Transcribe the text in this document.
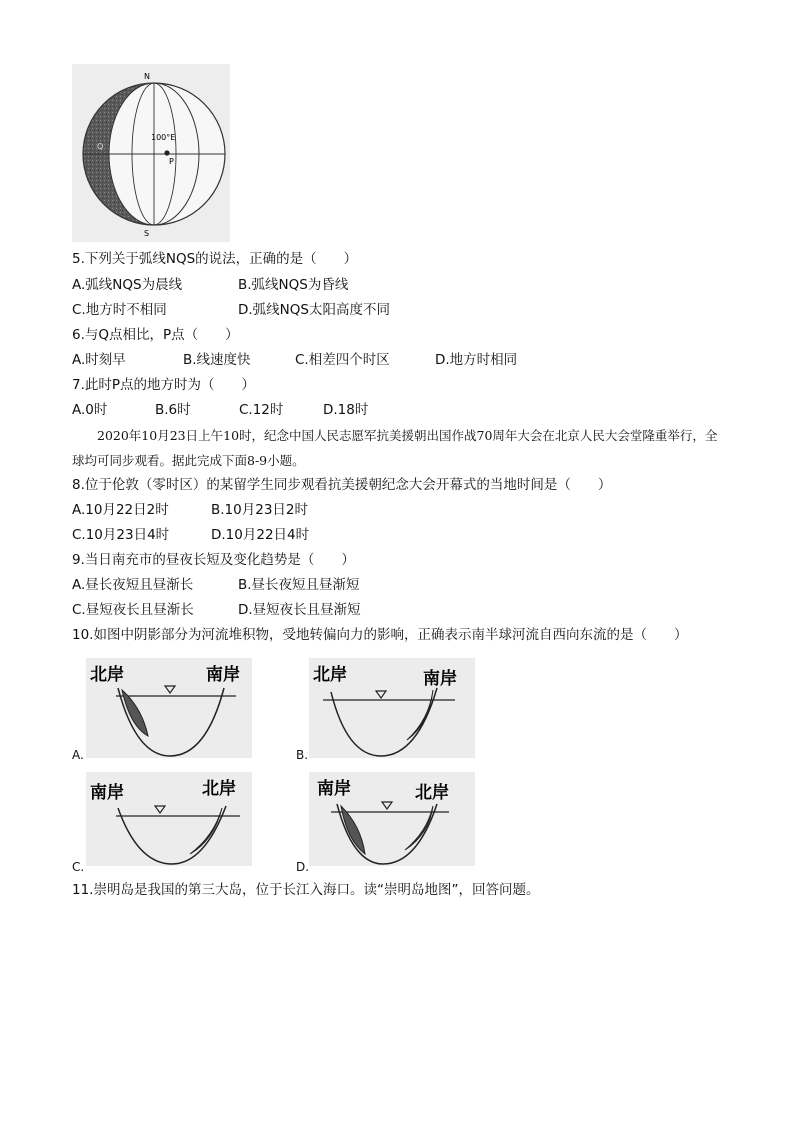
N
S
100°E
Q
P
5.下列关于弧线NQS的说法，正确的是（　　）
A.弧线NQS为晨线	B.弧线NQS为昏线
C.地方时不相同	D.弧线NQS太阳高度不同
6.与Q点相比，P点（　　）
A.时刻早	B.线速度快	C.相差四个时区	D.地方时相同
7.此时P点的地方时为（　　）
A.0时	B.6时	C.12时	D.18时
2020年10月23日上午10时，纪念中国人民志愿军抗美援朝出国作战70周年大会在北京人民大会堂隆重举行，全球均可同步观看。据此完成下面8-9小题。
8.位于伦敦（零时区）的某留学生同步观看抗美援朝纪念大会开幕式的当地时间是（　　）
A.10月22日2时	B.10月23日2时
C.10月23日4时	D.10月22日4时
9.当日南充市的昼夜长短及变化趋势是（　　）
A.昼长夜短且昼渐长	B.昼长夜短且昼渐短
C.昼短夜长且昼渐长	D.昼短夜长且昼渐短
10.如图中阴影部分为河流堆积物，受地转偏向力的影响，正确表示南半球河流自西向东流的是（　　）
北岸	南岸
A.
北岸	南岸
B.
南岸	北岸
C.
南岸	北岸
D.
11.崇明岛是我国的第三大岛，位于长江入海口。读“崇明岛地图”，回答问题。
